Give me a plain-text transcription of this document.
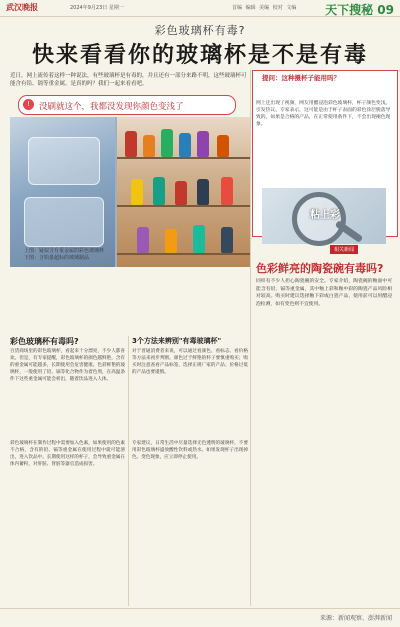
武汉晚报	2024年9月23日 星期一	首编 编辑 美编 校对 文编 天下搜秘 09
彩色玻璃杯有毒?
快来看看你的玻璃杯是不是有毒
近日，网上流传着这样一种说法，有些玻璃杯是有毒的，并且还有一部分来路不明，这些玻璃杯可能含有铅、镉等重金属。是真的吗？我们一起来看看吧。
!	没刷就这个，我都没发现你颜色变浅了
上图：疑似含有重金属的彩色玻璃杯
下图：含铅量超标的玻璃制品
彩色玻璃杯有毒吗?
百货商场里的彩色玻璃杯，看起来十分漂亮，不少人都喜欢。但是，有专家提醒，彩色玻璃杯的颜色越鲜艳，含有的重金属可能越多，长期使用会危害健康。色彩鲜艳的玻璃杯，一般使用了铅、镉等化合物作为着色剂，在高温条件下这些重金属可能会析出，随着饮品进入人体。
彩色玻璃杯在制作过程中需要加入色素，如果使用的色素不合格，含有的铅、镉等重金属在使用过程中就可能溶出，进入饮品中。长期使用这样的杯子，会导致重金属在体内蓄积，对肝脏、肾脏等器官造成损害。
3个方法来辨别"有毒玻璃杯"
对于普通消费者来说，可以通过看颜色、看标志、看价格等方法来初步判断。颜色过于鲜艳的杯子要慎重购买；购买时注意查看产品标签，选择正规厂家的产品；价格过低的产品也要谨慎。
专家建议，日常生活中尽量选择无色透明的玻璃杯，不要用彩色玻璃杯盛放酸性饮料或热水。如果发现杯子出现掉色、变色现象，应立即停止使用。
提问：这种摄杯子能用吗？
网上还出现了视频，网友用醋浸泡彩色玻璃杯，杯子颜色变浅，引发热议。专家表示，这可能是由于杯子表面的彩色涂层脱落导致的。如果是合格的产品，在正常使用条件下，不会出现褪色现象。
粘上彩
相关新闻
色彩鲜亮的陶瓷碗有毒吗?
同样有不少人担心陶瓷碗的安全。专家介绍，陶瓷碗的釉面中可能含有铅、镉等重金属，其中釉上彩和釉中彩的陶瓷产品风险相对较高。购买时建议选择釉下彩或白瓷产品，使用前可以用醋浸泡检测，如有变色则不宜使用。
来源：新闻观察、澎湃新闻
